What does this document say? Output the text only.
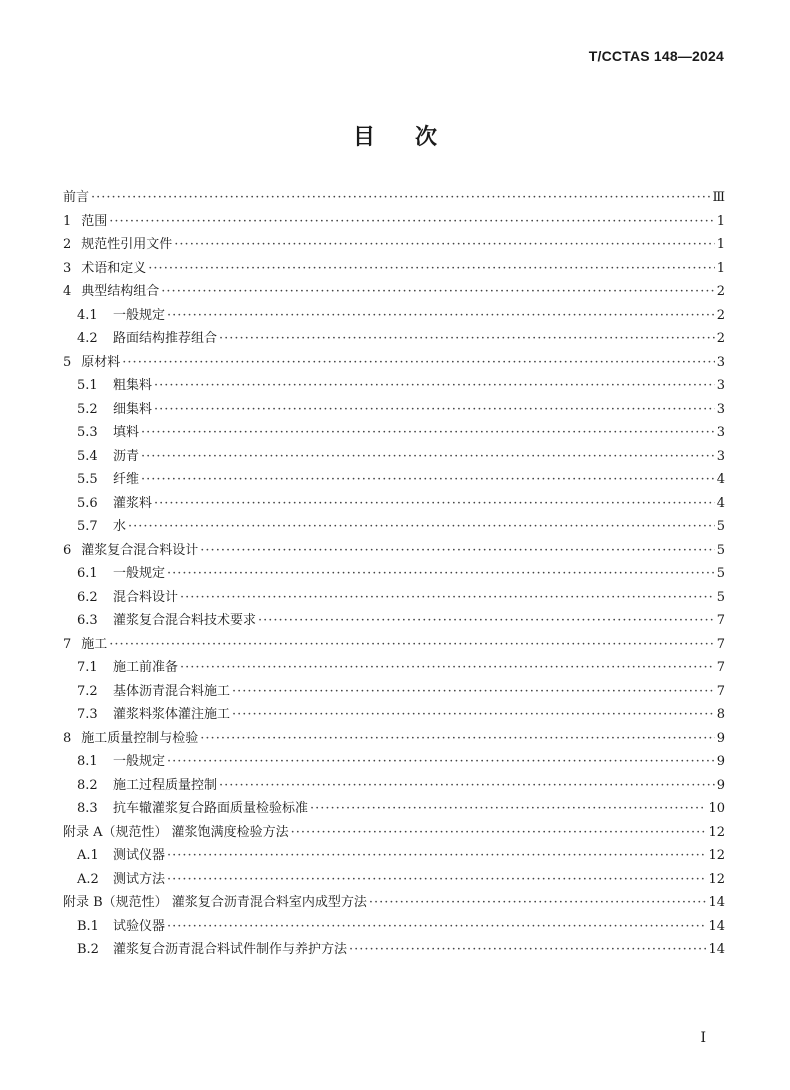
T/CCTAS 148—2024
目次
前言 ·····	Ⅲ
1 范围 ·····	1
2 规范性引用文件 ·····	1
3 术语和定义 ·····	1
4 典型结构组合 ·····	2
4.1	一般规定 ·····	2
4.2	路面结构推荐组合 ·····	2
5 原材料 ·····	3
5.1	粗集料 ·····	3
5.2	细集料 ·····	3
5.3	填料 ·····	3
5.4	沥青 ·····	3
5.5	纤维 ·····	4
5.6	灌浆料 ·····	4
5.7	水 ·····	5
6 灌浆复合混合料设计 ·····	5
6.1	一般规定 ·····	5
6.2	混合料设计 ·····	5
6.3	灌浆复合混合料技术要求 ·····	7
7 施工 ·····	7
7.1	施工前准备 ·····	7
7.2	基体沥青混合料施工 ·····	7
7.3	灌浆料浆体灌注施工 ·····	8
8 施工质量控制与检验 ·····	9
8.1	一般规定 ·····	9
8.2	施工过程质量控制 ·····	9
8.3	抗车辙灌浆复合路面质量检验标准 ·····	10
附录 A（规范性） 灌浆饱满度检验方法 ·····	12
A.1	测试仪器 ·····	12
A.2	测试方法 ·····	12
附录 B（规范性） 灌浆复合沥青混合料室内成型方法 ·····	14
B.1	试验仪器 ·····	14
B.2	灌浆复合沥青混合料试件制作与养护方法 ·····	14
I
